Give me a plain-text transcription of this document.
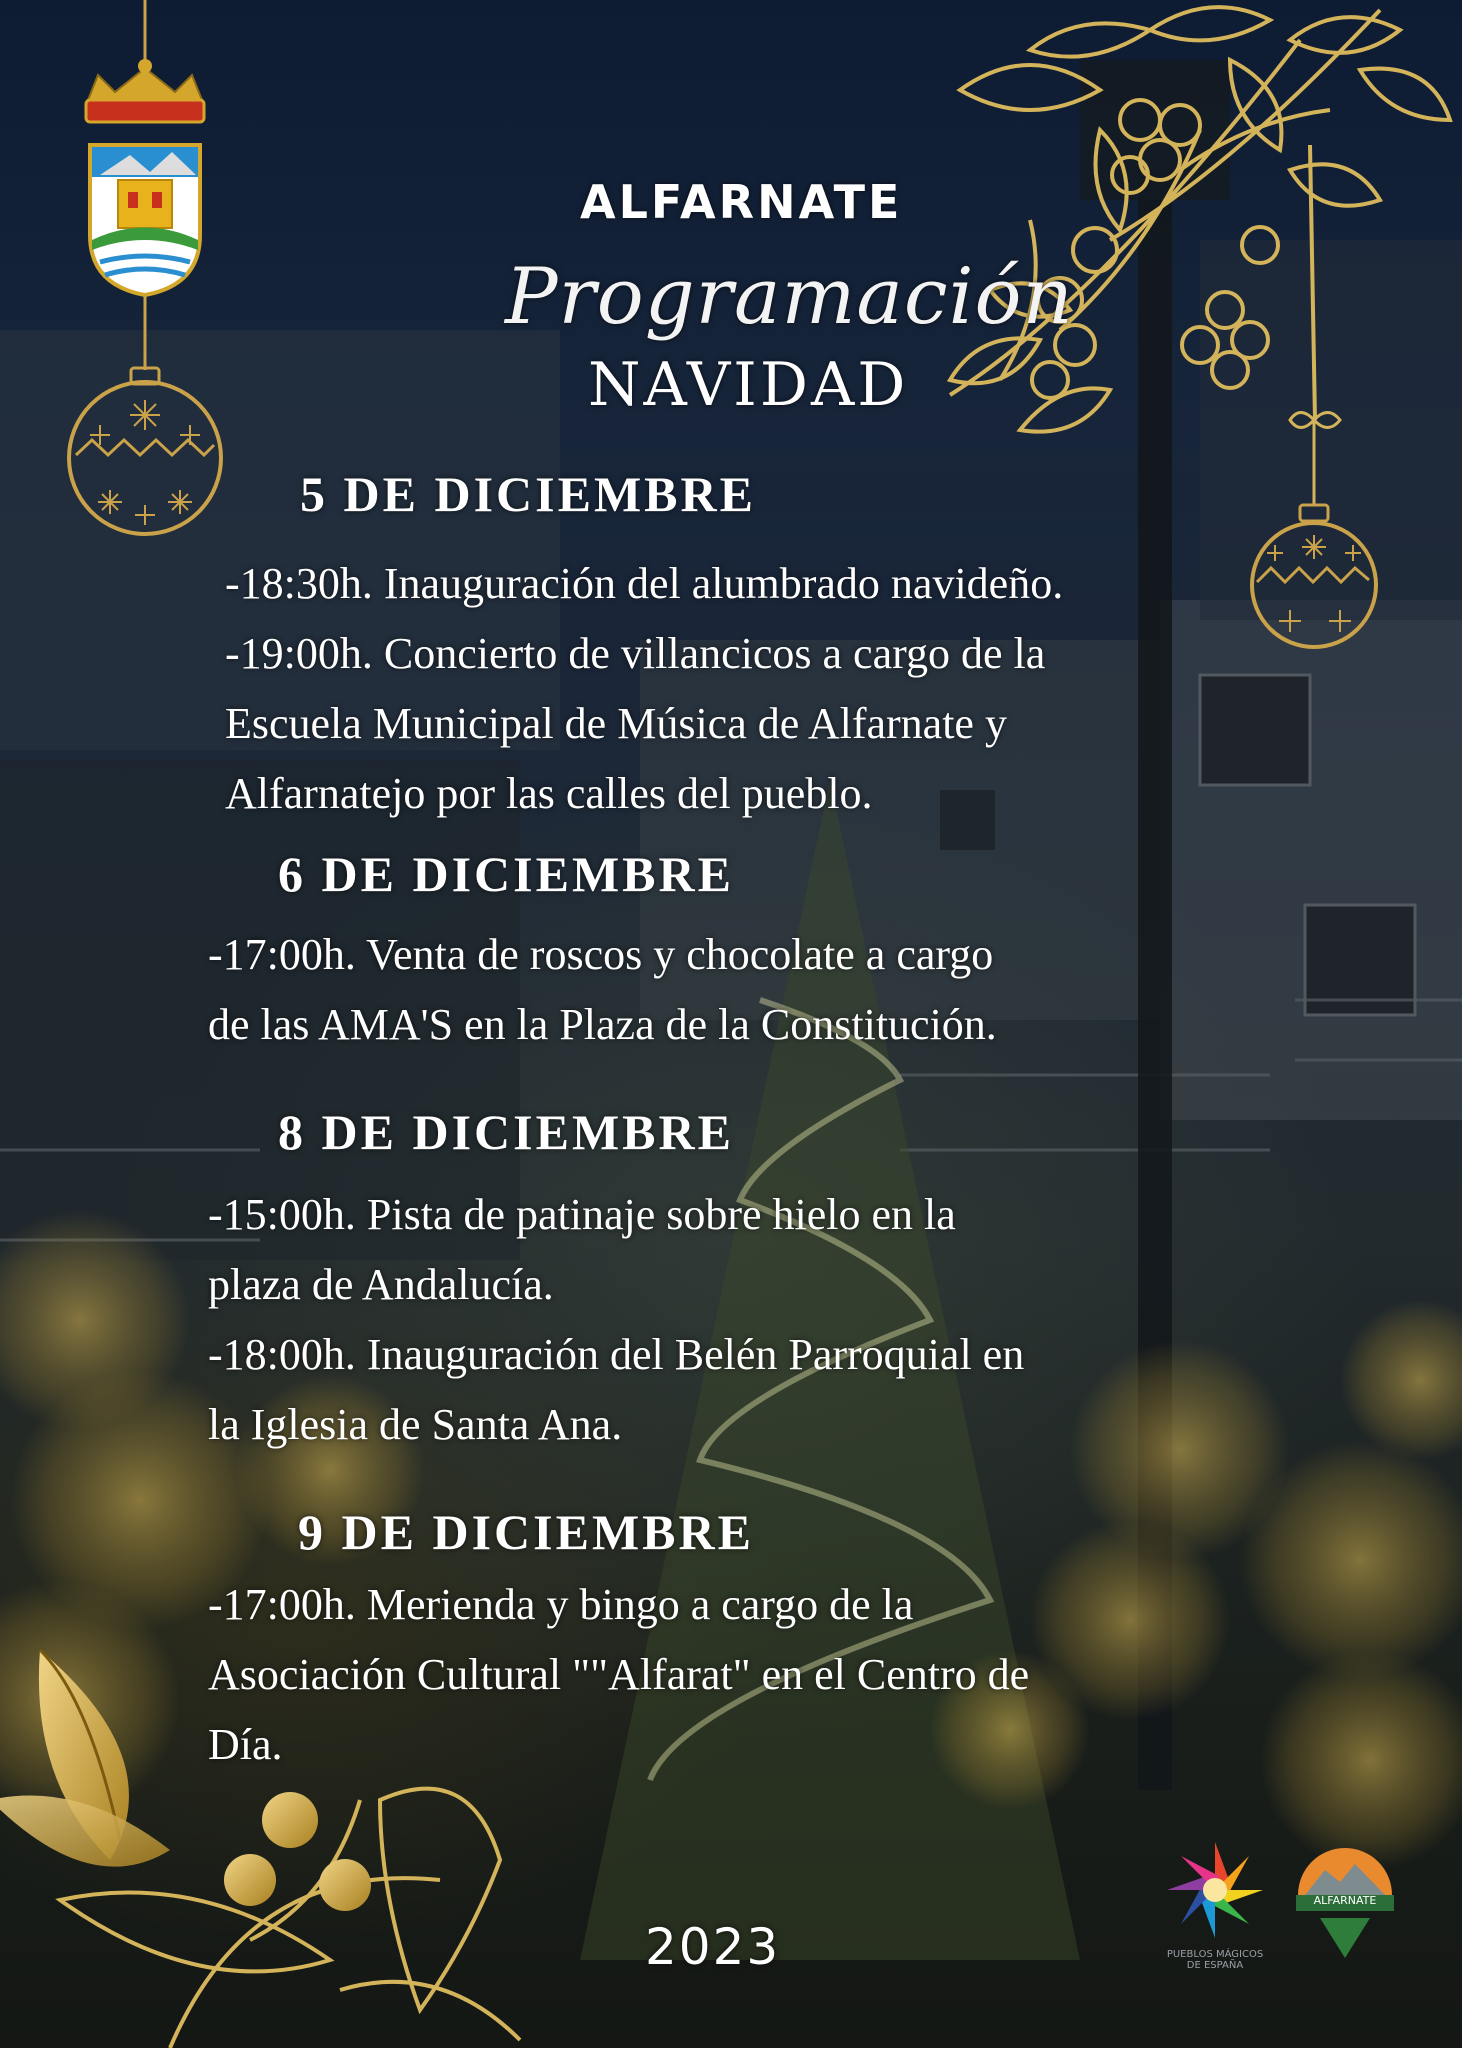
ALFARNATE
Programación
NAVIDAD
5 DE DICIEMBRE
-18:30h. Inauguración del alumbrado navideño.
-19:00h. Concierto de villancicos a cargo de la
Escuela Municipal de Música de Alfarnate y
Alfarnatejo por las calles del pueblo.
6 DE DICIEMBRE
-17:00h. Venta de roscos y chocolate a cargo
de las AMA'S en la Plaza de la Constitución.
8 DE DICIEMBRE
-15:00h. Pista de patinaje sobre hielo en la
plaza de Andalucía.
-18:00h. Inauguración del Belén Parroquial en
la Iglesia de Santa Ana.
9 DE DICIEMBRE
-17:00h. Merienda y bingo a cargo de la
Asociación Cultural ""Alfarat" en el Centro de
Día.
2023	PUEBLOS MÁGICOS DE ESPAÑA
ALFARNATE
